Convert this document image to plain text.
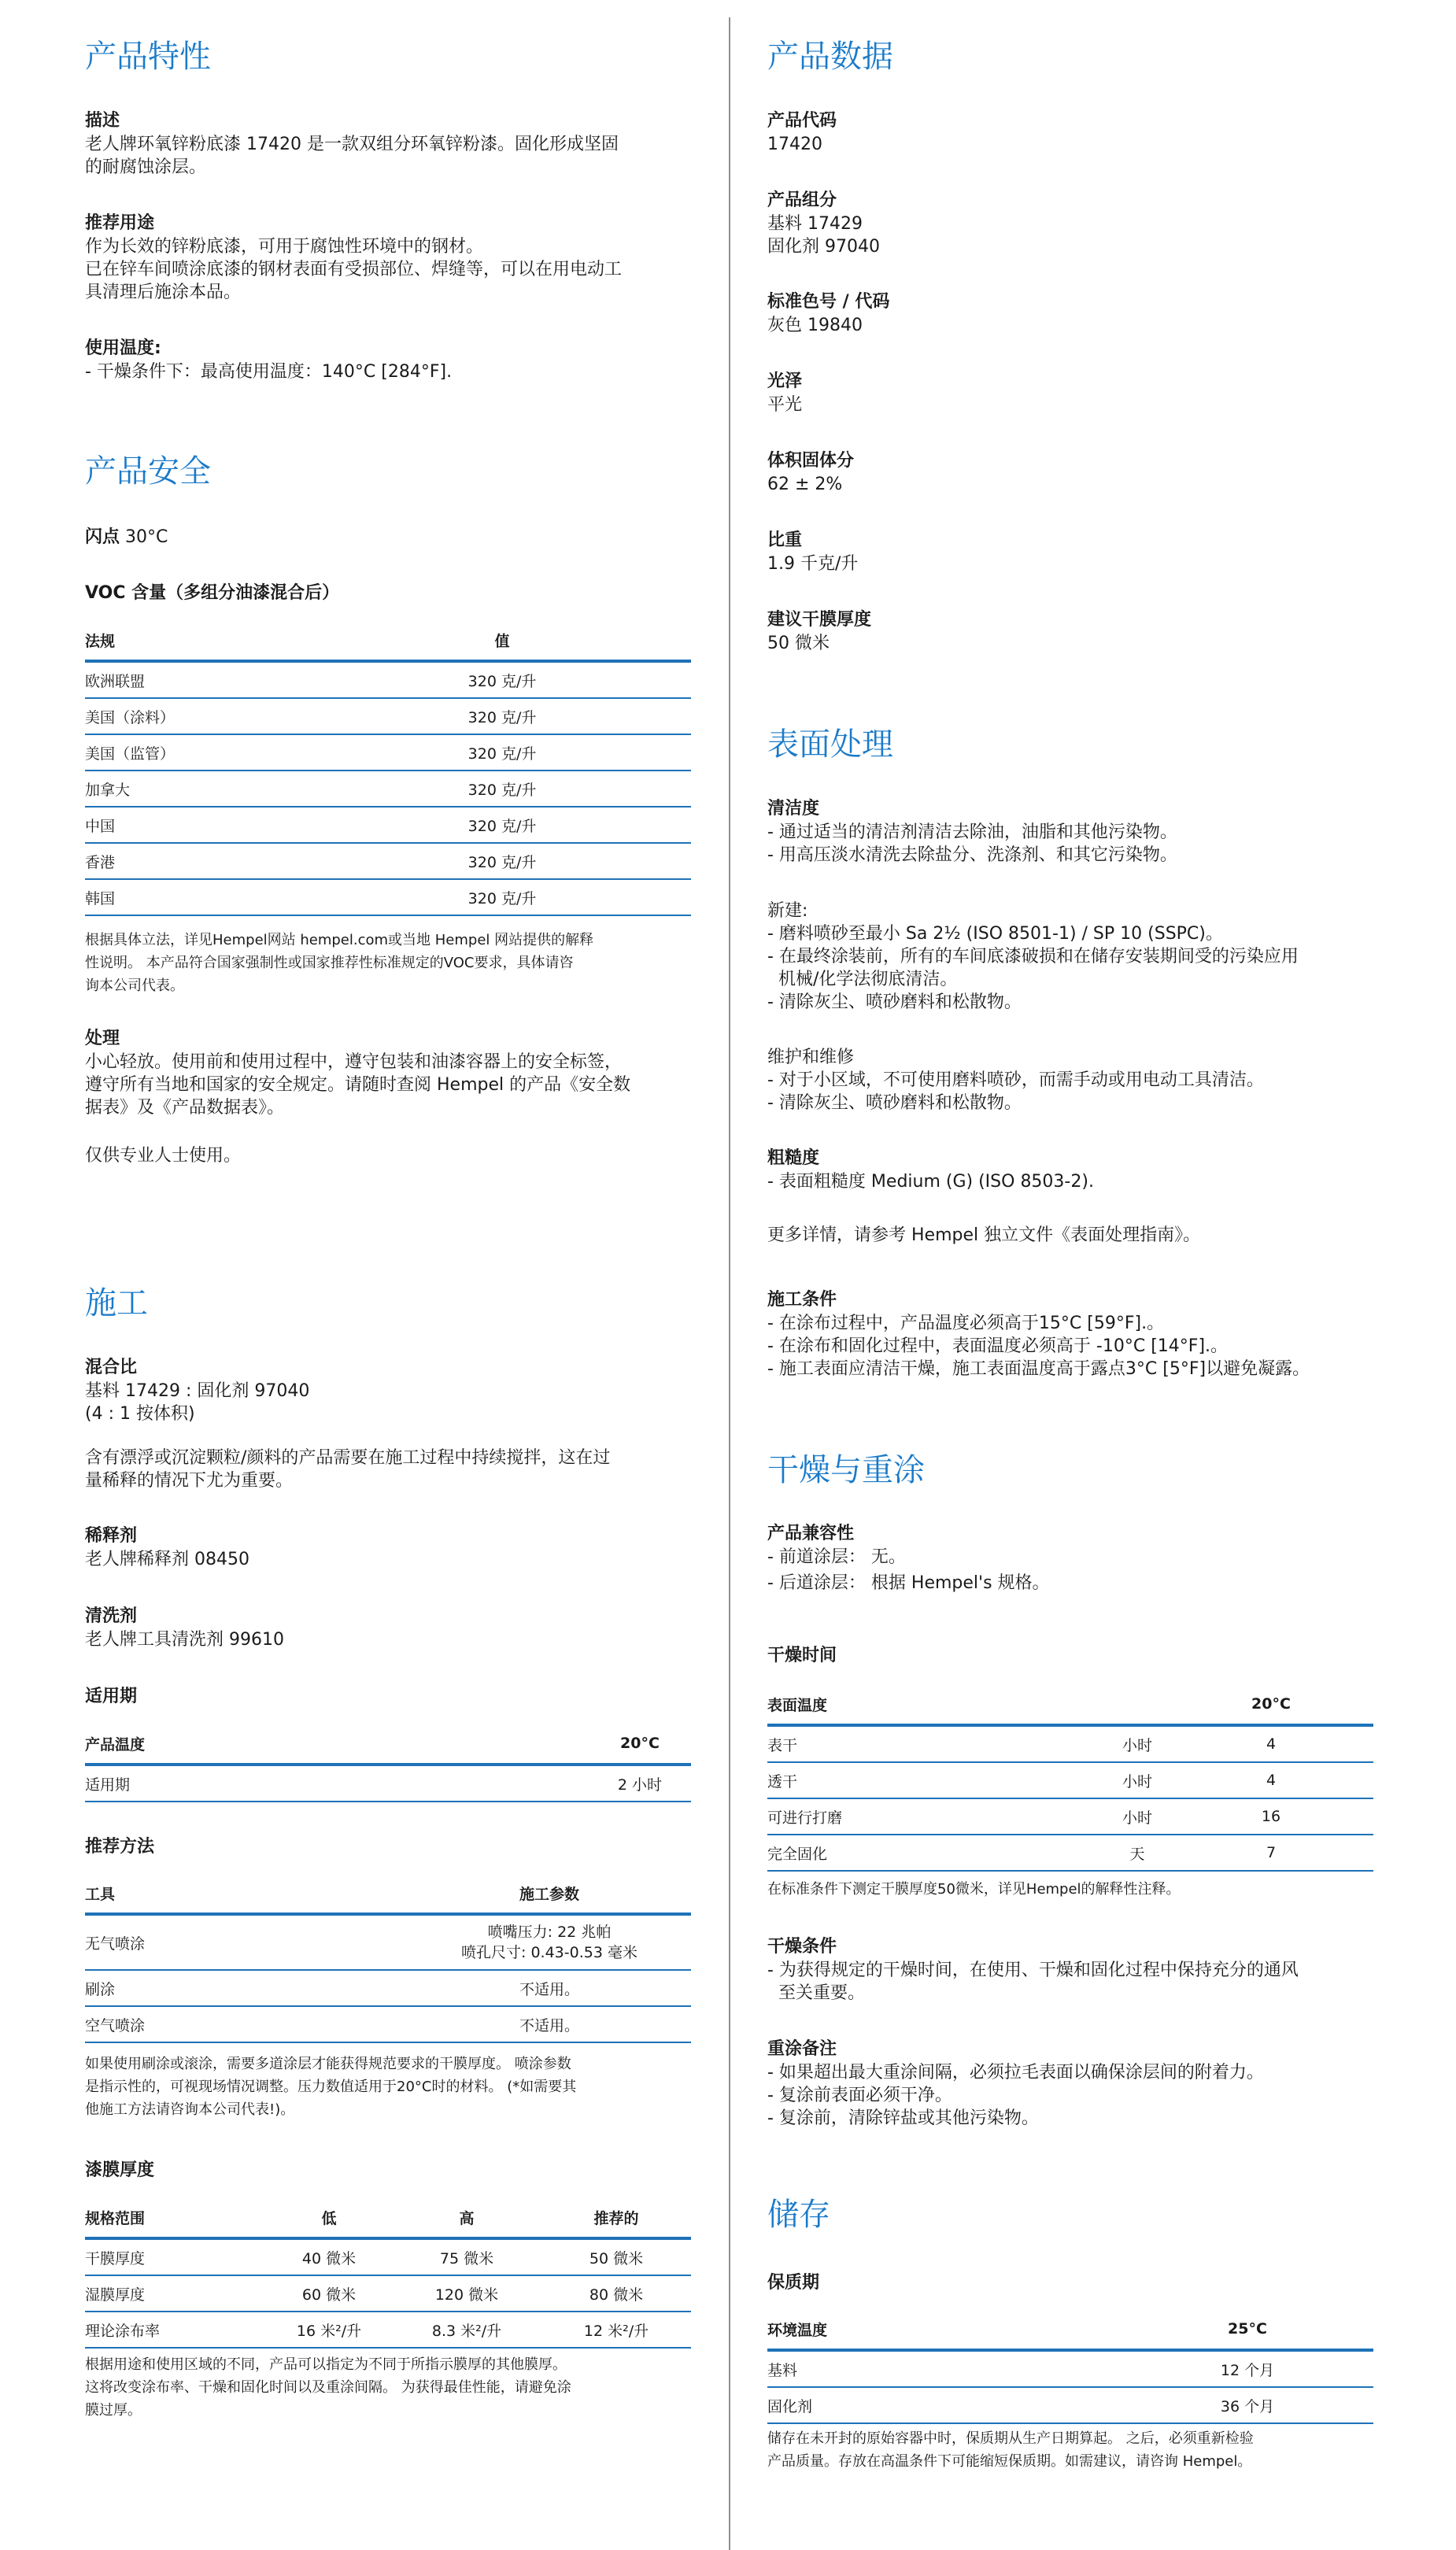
产品特性
描述
老人牌环氧锌粉底漆 17420 是一款双组分环氧锌粉漆。固化形成坚固
的耐腐蚀涂层。
推荐用途
作为长效的锌粉底漆，可用于腐蚀性环境中的钢材。
已在锌车间喷涂底漆的钢材表面有受损部位、焊缝等，可以在用电动工
具清理后施涂本品。
使用温度:
- 干燥条件下：最高使用温度：140°C [284°F].
产品安全
闪点 30°C
VOC 含量（多组分油漆混合后）
法规	值
欧洲联盟	320 克/升
美国（涂料）	320 克/升
美国（监管）	320 克/升
加拿大	320 克/升
中国	320 克/升
香港	320 克/升
韩国	320 克/升
根据具体立法，详见Hempel网站 hempel.com或当地 Hempel 网站提供的解释
性说明。 本产品符合国家强制性或国家推荐性标准规定的VOC要求，具体请咨
询本公司代表。
处理
小心轻放。使用前和使用过程中，遵守包装和油漆容器上的安全标签，
遵守所有当地和国家的安全规定。请随时查阅 Hempel 的产品《安全数
据表》及《产品数据表》。
仅供专业人士使用。
施工
混合比
基料 17429 : 固化剂 97040
(4 : 1 按体积)
含有漂浮或沉淀颗粒/颜料的产品需要在施工过程中持续搅拌，这在过
量稀释的情况下尤为重要。
稀释剂
老人牌稀释剂 08450
清洗剂
老人牌工具清洗剂 99610
适用期
产品温度	20°C
适用期	2 小时
推荐方法
工具	施工参数
无气喷涂
喷嘴压力: 22 兆帕
喷孔尺寸: 0.43-0.53 毫米
刷涂	不适用。
空气喷涂	不适用。
如果使用刷涂或滚涂，需要多道涂层才能获得规范要求的干膜厚度。 喷涂参数
是指示性的，可视现场情况调整。压力数值适用于20°C时的材料。 (*如需要其
他施工方法请咨询本公司代表!)。
漆膜厚度
规格范围	低	高	推荐的
干膜厚度	40 微米	75 微米	50 微米
湿膜厚度	60 微米	120 微米	80 微米
理论涂布率	16 米²/升	8.3 米²/升	12 米²/升
根据用途和使用区域的不同，产品可以指定为不同于所指示膜厚的其他膜厚。
这将改变涂布率、干燥和固化时间以及重涂间隔。 为获得最佳性能，请避免涂
膜过厚。
产品数据
产品代码
17420
产品组分
基料 17429
固化剂 97040
标准色号 / 代码
灰色 19840
光泽
平光
体积固体分
62 ± 2%
比重
1.9 千克/升
建议干膜厚度
50 微米
表面处理
清洁度
- 通过适当的清洁剂清洁去除油，油脂和其他污染物。
- 用高压淡水清洗去除盐分、洗涤剂、和其它污染物。
新建:
- 磨料喷砂至最小 Sa 2½ (ISO 8501-1) / SP 10 (SSPC)。
- 在最终涂装前，所有的车间底漆破损和在储存安装期间受的污染应用
机械/化学法彻底清洁。
- 清除灰尘、喷砂磨料和松散物。
维护和维修
- 对于小区域，不可使用磨料喷砂，而需手动或用电动工具清洁。
- 清除灰尘、喷砂磨料和松散物。
粗糙度
- 表面粗糙度 Medium (G) (ISO 8503-2).
更多详情，请参考 Hempel 独立文件《表面处理指南》。
施工条件
- 在涂布过程中，产品温度必须高于15°C [59°F].。
- 在涂布和固化过程中，表面温度必须高于 -10°C [14°F].。
- 施工表面应清洁干燥，施工表面温度高于露点3°C [5°F]以避免凝露。
干燥与重涂
产品兼容性
- 前道涂层： 无。
- 后道涂层： 根据 Hempel's 规格。
干燥时间
表面温度	20°C
表干	小时	4
透干	小时	4
可进行打磨	小时	16
完全固化	天	7
在标准条件下测定干膜厚度50微米，详见Hempel的解释性注释。
干燥条件
- 为获得规定的干燥时间，在使用、干燥和固化过程中保持充分的通风
至关重要。
重涂备注
- 如果超出最大重涂间隔，必须拉毛表面以确保涂层间的附着力。
- 复涂前表面必须干净。
- 复涂前，清除锌盐或其他污染物。
储存
保质期
环境温度	25°C
基料	12 个月
固化剂	36 个月
储存在未开封的原始容器中时，保质期从生产日期算起。 之后，必须重新检验
产品质量。存放在高温条件下可能缩短保质期。如需建议，请咨询 Hempel。
